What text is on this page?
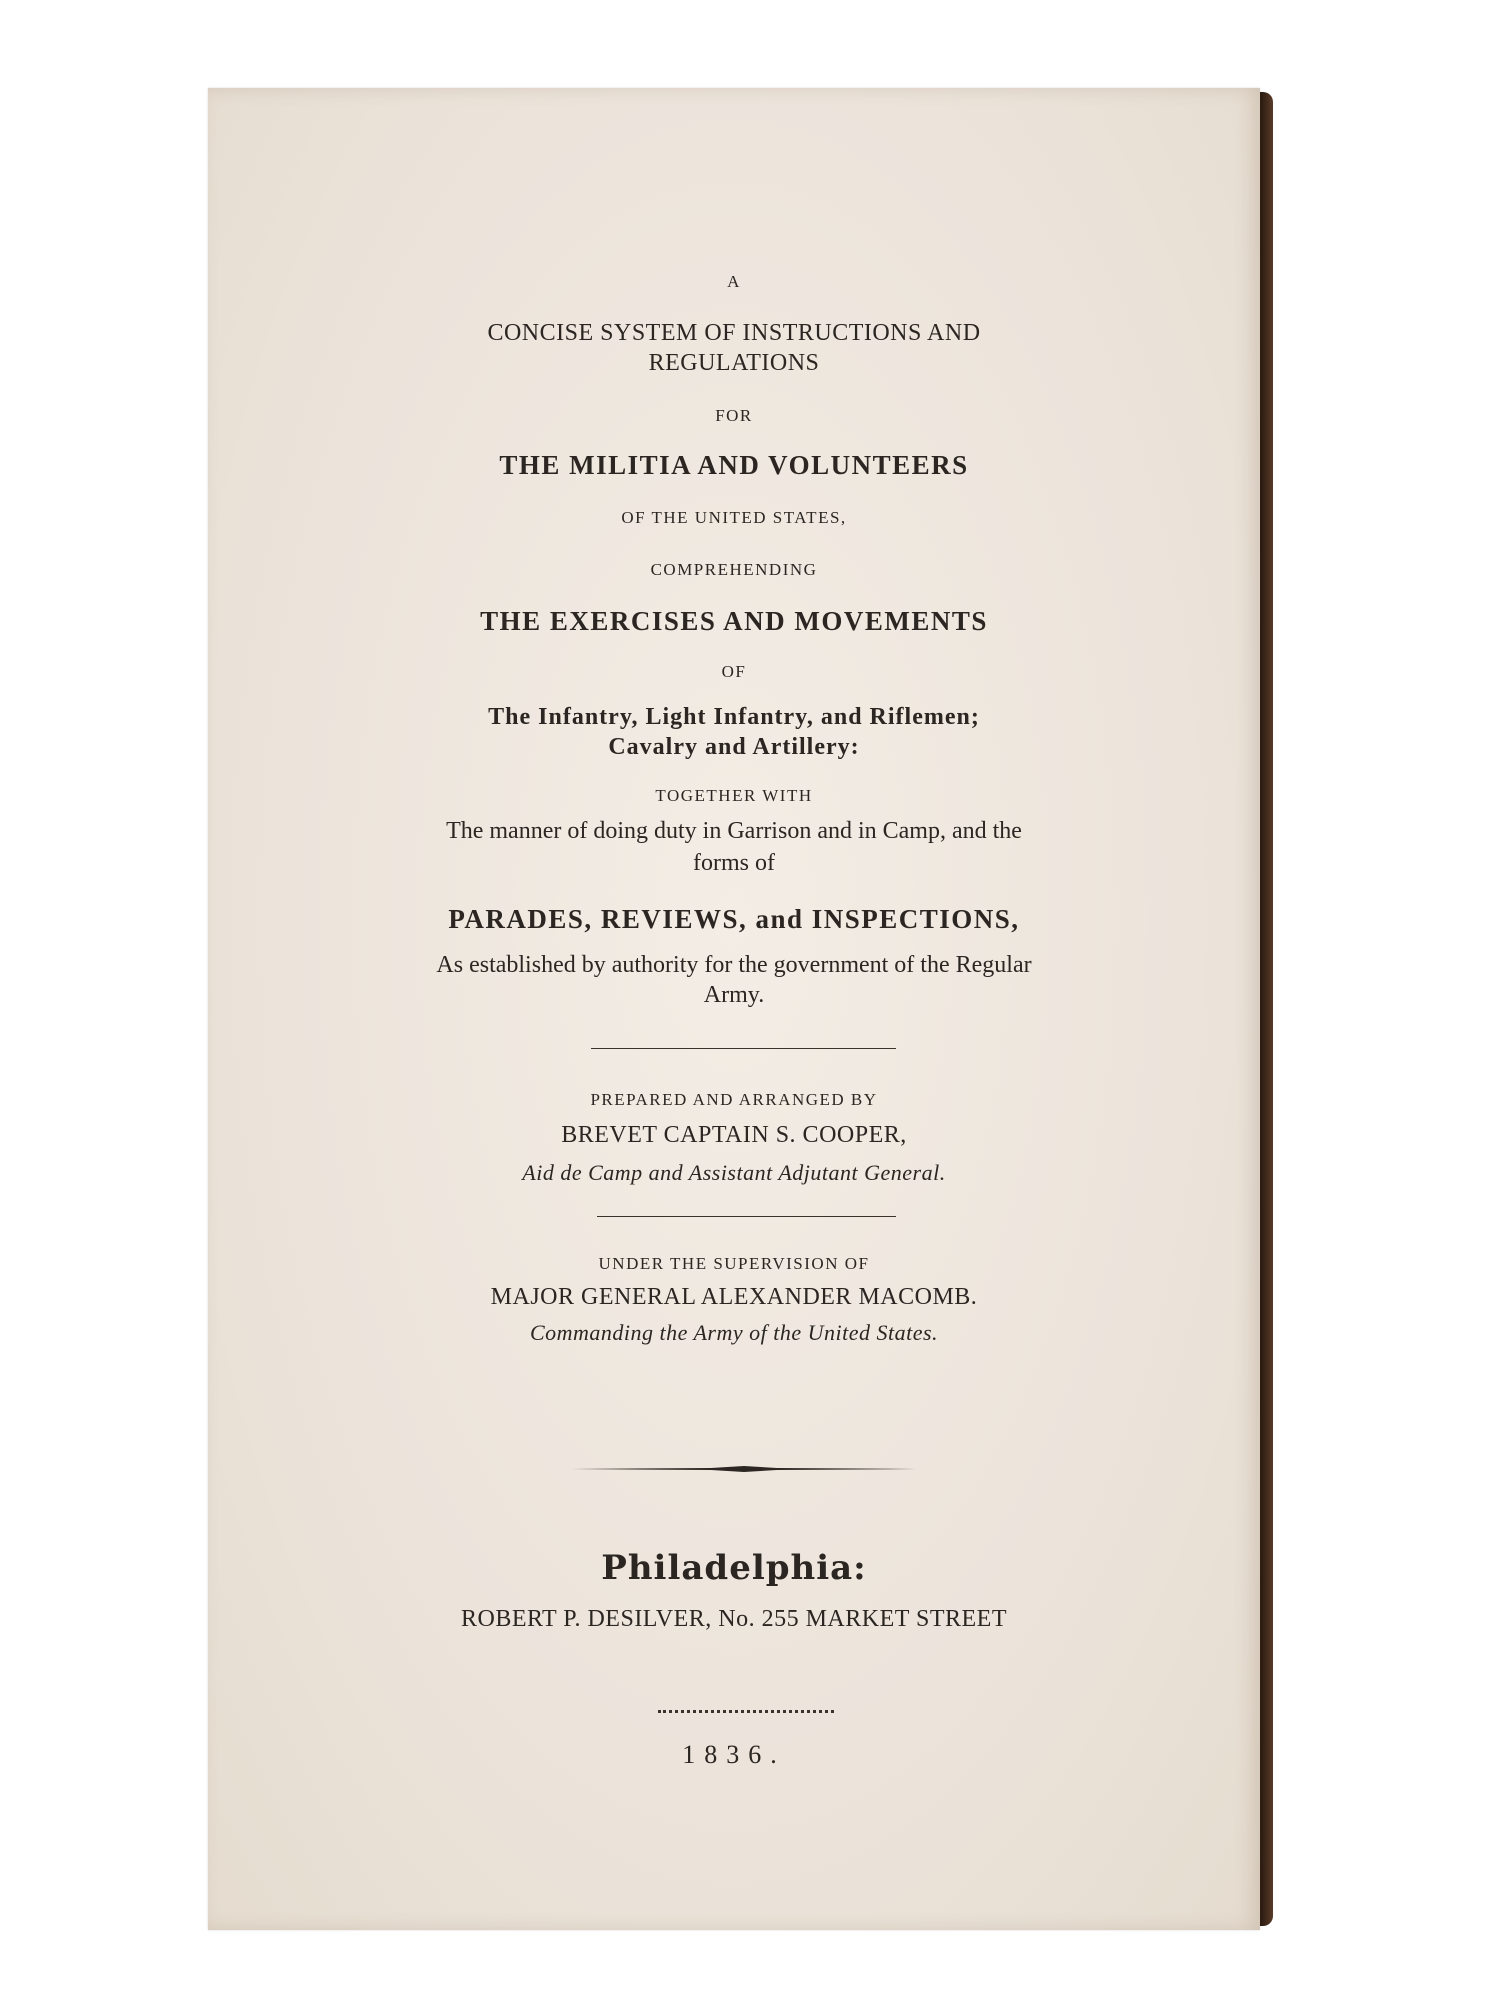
A
CONCISE SYSTEM OF INSTRUCTIONS AND
REGULATIONS
FOR
THE MILITIA AND VOLUNTEERS
OF THE UNITED STATES,
COMPREHENDING
THE EXERCISES AND MOVEMENTS
OF
The Infantry, Light Infantry, and Riflemen;
Cavalry and Artillery:
TOGETHER WITH
The manner of doing duty in Garrison and in Camp, and the
forms of
PARADES, REVIEWS, and INSPECTIONS,
As established by authority for the government of the Regular
Army.
PREPARED AND ARRANGED BY
BREVET CAPTAIN S. COOPER,
Aid de Camp and Assistant Adjutant General.
UNDER THE SUPERVISION OF
MAJOR GENERAL ALEXANDER MACOMB.
Commanding the Army of the United States.
Philadelphia:
ROBERT P. DESILVER, No. 255 MARKET STREET
1836.
